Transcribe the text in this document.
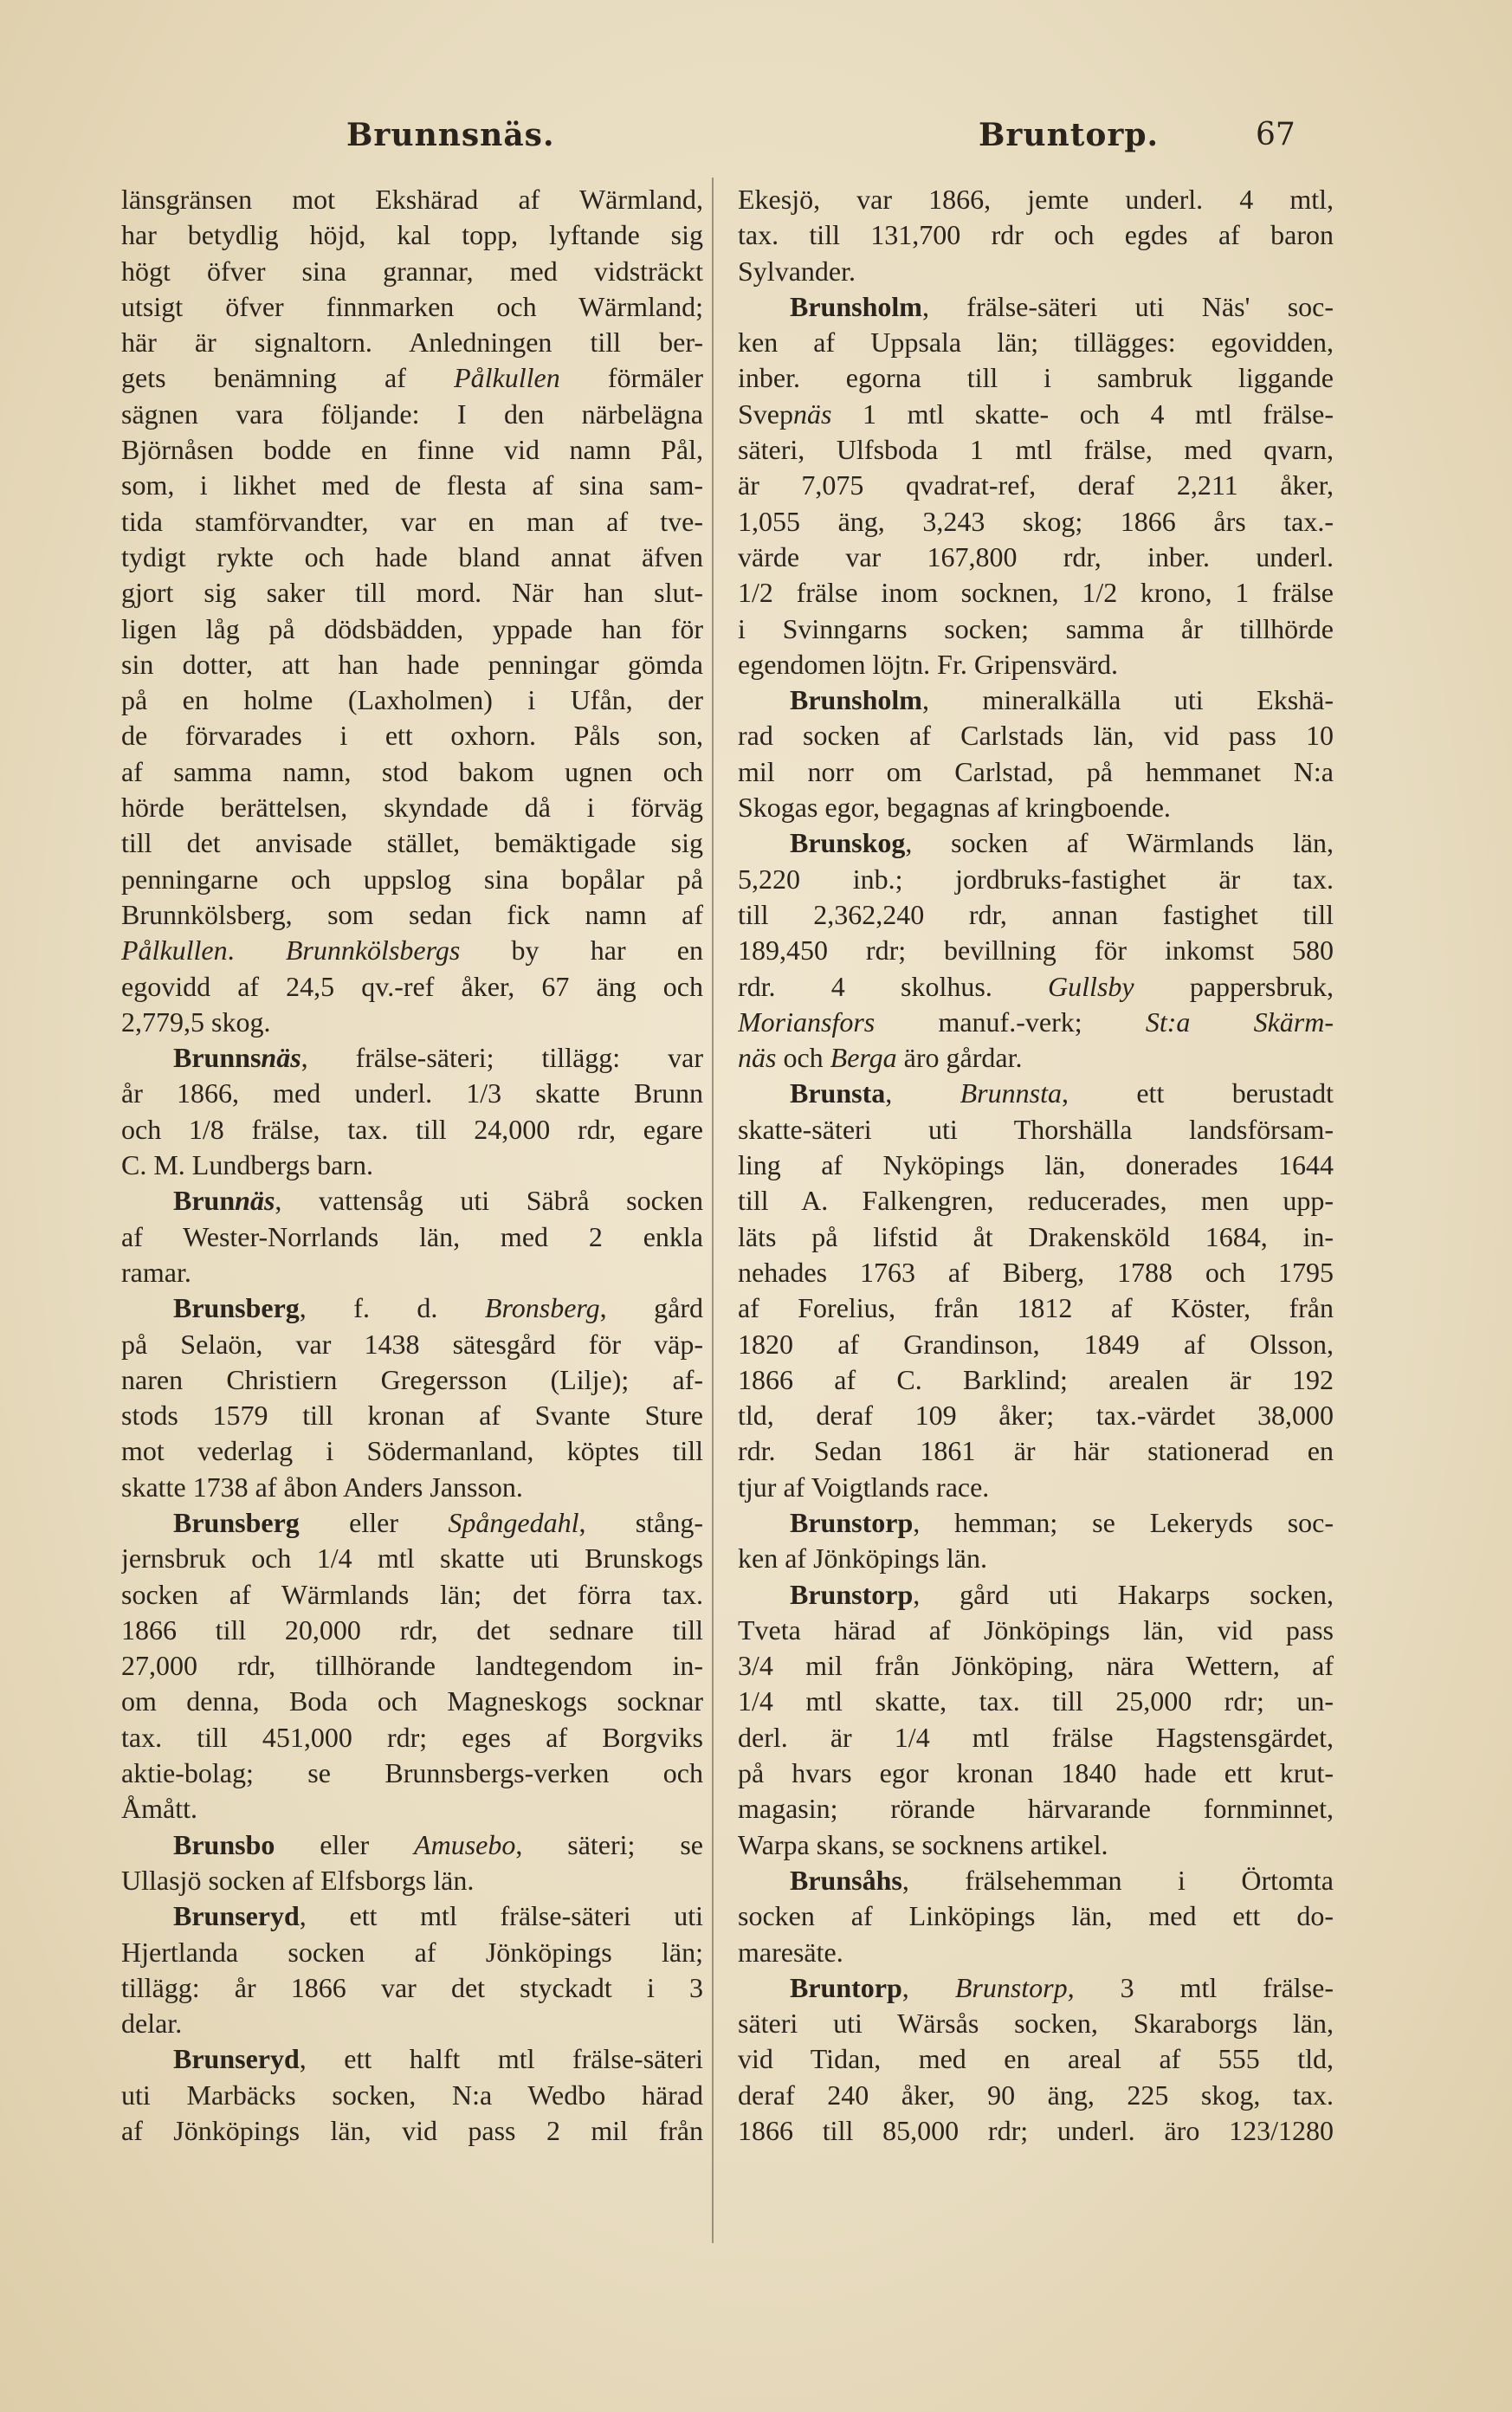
Brunnsnäs.	Bruntorp.	67
länsgränsen mot Ekshärad af Wärmland,
har betydlig höjd, kal topp, lyftande sig
högt öfver sina grannar, med vidsträckt
utsigt öfver finnmarken och Wärmland;
här är signaltorn. Anledningen till ber-
gets benämning af Pålkullen förmäler
sägnen vara följande: I den närbelägna
Björnåsen bodde en finne vid namn Pål,
som, i likhet med de flesta af sina sam-
tida stamförvandter, var en man af tve-
tydigt rykte och hade bland annat äfven
gjort sig saker till mord. När han slut-
ligen låg på dödsbädden, yppade han för
sin dotter, att han hade penningar gömda
på en holme (Laxholmen) i Ufån, der
de förvarades i ett oxhorn. Påls son,
af samma namn, stod bakom ugnen och
hörde berättelsen, skyndade då i förväg
till det anvisade stället, bemäktigade sig
penningarne och uppslog sina bopålar på
Brunnkölsberg, som sedan fick namn af
Pålkullen. Brunnkölsbergs by har en
egovidd af 24,5 qv.-ref åker, 67 äng och
2,779,5 skog.
Brunnsnäs, frälse-säteri; tillägg: var
år 1866, med underl. 1/3 skatte Brunn
och 1/8 frälse, tax. till 24,000 rdr, egare
C. M. Lundbergs barn.
Brunnäs, vattensåg uti Säbrå socken
af Wester-Norrlands län, med 2 enkla
ramar.
Brunsberg, f. d. Bronsberg, gård
på Selaön, var 1438 sätesgård för väp-
naren Christiern Gregersson (Lilje); af-
stods 1579 till kronan af Svante Sture
mot vederlag i Södermanland, köptes till
skatte 1738 af åbon Anders Jansson.
Brunsberg eller Spångedahl, stång-
jernsbruk och 1/4 mtl skatte uti Brunskogs
socken af Wärmlands län; det förra tax.
1866 till 20,000 rdr, det sednare till
27,000 rdr, tillhörande landtegendom in-
om denna, Boda och Magneskogs socknar
tax. till 451,000 rdr; eges af Borgviks
aktie-bolag; se Brunnsbergs-verken och
Åmått.
Brunsbo eller Amusebo, säteri; se
Ullasjö socken af Elfsborgs län.
Brunseryd, ett mtl frälse-säteri uti
Hjertlanda socken af Jönköpings län;
tillägg: år 1866 var det styckadt i 3
delar.
Brunseryd, ett halft mtl frälse-säteri
uti Marbäcks socken, N:a Wedbo härad
af Jönköpings län, vid pass 2 mil från
Ekesjö, var 1866, jemte underl. 4 mtl,
tax. till 131,700 rdr och egdes af baron
Sylvander.
Brunsholm, frälse-säteri uti Näs' soc-
ken af Uppsala län; tillägges: egovidden,
inber. egorna till i sambruk liggande
Svepnäs 1 mtl skatte- och 4 mtl frälse-
säteri, Ulfsboda 1 mtl frälse, med qvarn,
är 7,075 qvadrat-ref, deraf 2,211 åker,
1,055 äng, 3,243 skog; 1866 års tax.-
värde var 167,800 rdr, inber. underl.
1/2 frälse inom socknen, 1/2 krono, 1 frälse
i Svinngarns socken; samma år tillhörde
egendomen löjtn. Fr. Gripensvärd.
Brunsholm, mineralkälla uti Ekshä-
rad socken af Carlstads län, vid pass 10
mil norr om Carlstad, på hemmanet N:a
Skogas egor, begagnas af kringboende.
Brunskog, socken af Wärmlands län,
5,220 inb.; jordbruks-fastighet är tax.
till 2,362,240 rdr, annan fastighet till
189,450 rdr; bevillning för inkomst 580
rdr. 4 skolhus. Gullsby pappersbruk,
Moriansfors manuf.-verk; St:a Skärm-
näs och Berga äro gårdar.
Brunsta, Brunnsta, ett berustadt
skatte-säteri uti Thorshälla landsförsam-
ling af Nyköpings län, donerades 1644
till A. Falkengren, reducerades, men upp-
läts på lifstid åt Drakensköld 1684, in-
nehades 1763 af Biberg, 1788 och 1795
af Forelius, från 1812 af Köster, från
1820 af Grandinson, 1849 af Olsson,
1866 af C. Barklind; arealen är 192
tld, deraf 109 åker; tax.-värdet 38,000
rdr. Sedan 1861 är här stationerad en
tjur af Voigtlands race.
Brunstorp, hemman; se Lekeryds soc-
ken af Jönköpings län.
Brunstorp, gård uti Hakarps socken,
Tveta härad af Jönköpings län, vid pass
3/4 mil från Jönköping, nära Wettern, af
1/4 mtl skatte, tax. till 25,000 rdr; un-
derl. är 1/4 mtl frälse Hagstensgärdet,
på hvars egor kronan 1840 hade ett krut-
magasin; rörande härvarande fornminnet,
Warpa skans, se socknens artikel.
Brunsåhs, frälsehemman i Örtomta
socken af Linköpings län, med ett do-
maresäte.
Bruntorp, Brunstorp, 3 mtl frälse-
säteri uti Wärsås socken, Skaraborgs län,
vid Tidan, med en areal af 555 tld,
deraf 240 åker, 90 äng, 225 skog, tax.
1866 till 85,000 rdr; underl. äro 123/1280
